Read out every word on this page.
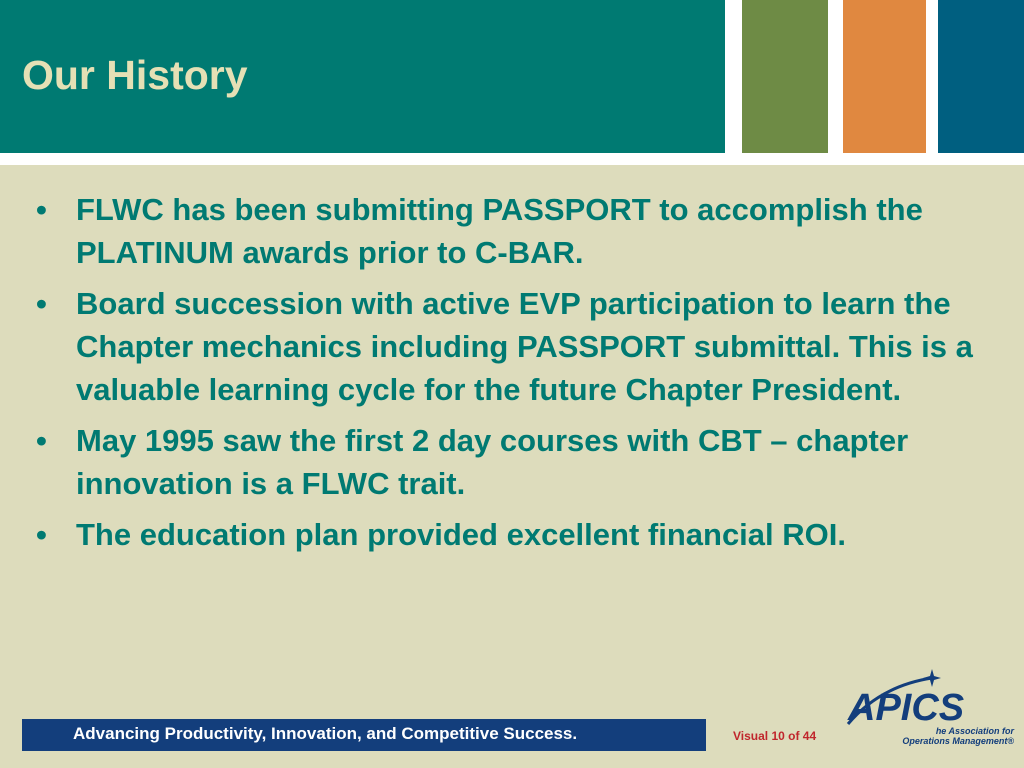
Our History
• FLWC has been submitting PASSPORT to accomplish the PLATINUM awards prior to C-BAR.
• Board succession with active EVP participation to learn the Chapter mechanics including PASSPORT submittal. This is a valuable learning cycle for the future Chapter President.
• May 1995 saw the first 2 day courses with CBT – chapter innovation is a FLWC trait.
• The education plan provided excellent financial ROI.
Advancing Productivity, Innovation, and Competitive Success.	Visual 10 of 44
APICS
he Association for
Operations Management®
